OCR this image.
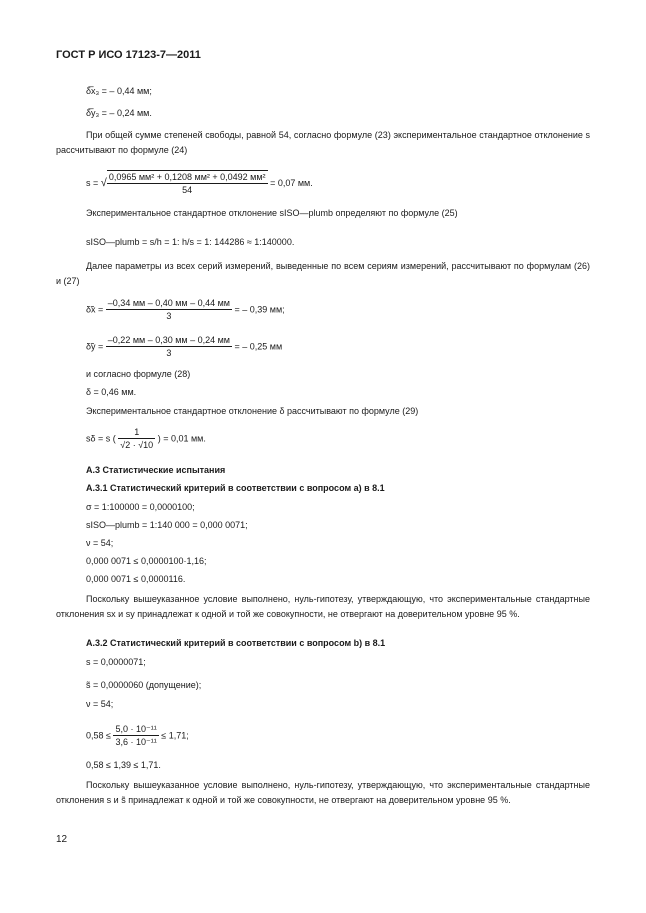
ГОСТ Р ИСО 17123-7—2011
δ̅x₃ = – 0,44 мм;
δ̅y₃ = – 0,24 мм.
При общей сумме степеней свободы, равной 54, согласно формуле (23) экспериментальное стандартное отклонение s рассчитывают по формуле (24)
s = √ $\frac{\text{0,0965 мм² + 0,1208 мм² + 0,0492 мм²}}{54} = 0,07$ мм.
Экспериментальное стандартное отклонение sISO—plumb определяют по формуле (25)
sISO—plumb = s/h = 1: h/s = 1: 144286 ≈ 1:140000.
Далее параметры из всех серий измерений, выведенные по всем сериям измерений, рассчитывают по формулам (26) и (27)
δ̃x = $\frac{-0,34 мм - 0,40 мм - 0,44 мм}{3}$ = – 0,39 мм;
δ̃y = $\frac{-0,22 мм - 0,30 мм - 0,24 мм}{3}$ = – 0,25 мм
и согласно формуле (28)
δ = 0,46 мм.
Экспериментальное стандартное отклонение δ рассчитывают по формуле (29)
sδ = s ( $\frac{1}{√2 \cdot √10}$ ) = 0,01 мм.
А.3 Статистические испытания
А.3.1 Статистический критерий в соответствии с вопросом а) в 8.1
σ = 1:100000 = 0,0000100;
sISO—plumb = 1:140 000 = 0,000 0071;
ν = 54;
0,000 0071 ≤ 0,0000100·1,16;
0,000 0071 ≤ 0,0000116.
Поскольку вышеуказанное условие выполнено, нуль-гипотезу, утверждающую, что экспериментальные стандартные отклонения sx и sy принадлежат к одной и той же совокупности, не отвергают на доверительном уровне 95 %.
А.3.2 Статистический критерий в соответствии с вопросом b) в 8.1
s = 0,0000071;
s̃ = 0,0000060 (допущение);
ν = 54;
$0,58 \le \frac{\text{5,0 · 10⁻¹¹}}{\text{3,6 · 10⁻¹¹}} \le 1,71$;
0,58 ≤ 1,39 ≤ 1,71.
Поскольку вышеуказанное условие выполнено, нуль-гипотезу, утверждающую, что экспериментальные стандартные отклонения s и s̃ принадлежат к одной и той же совокупности, не отвергают на доверительном уровне 95 %.
12
